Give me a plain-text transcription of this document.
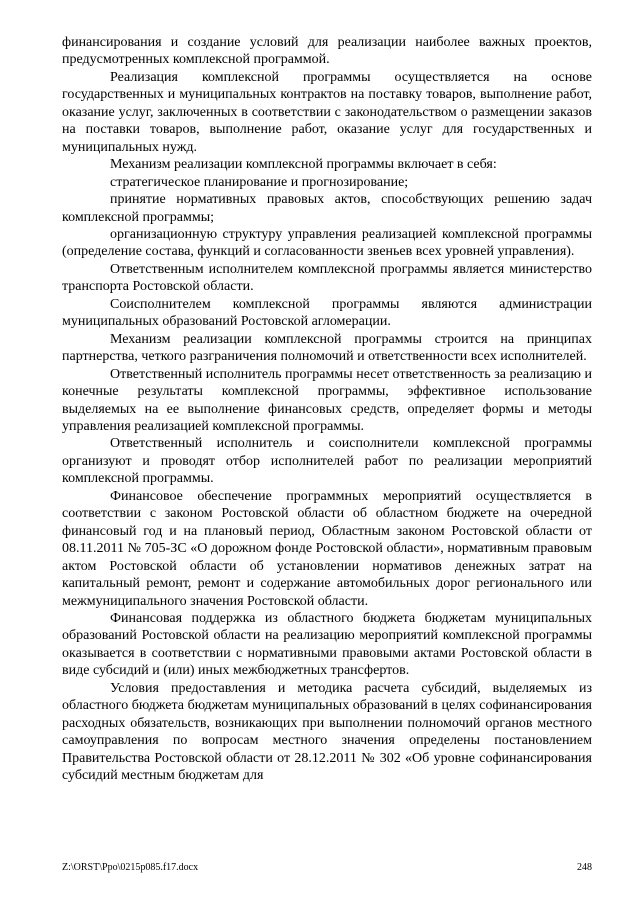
финансирования и создание условий для реализации наиболее важных проектов, предусмотренных комплексной программой.

Реализация комплексной программы осуществляется на основе государственных и муниципальных контрактов на поставку товаров, выполнение работ, оказание услуг, заключенных в соответствии с законодательством о размещении заказов на поставки товаров, выполнение работ, оказание услуг для государственных и муниципальных нужд.

Механизм реализации комплексной программы включает в себя:

стратегическое планирование и прогнозирование;

принятие нормативных правовых актов, способствующих решению задач комплексной программы;

организационную структуру управления реализацией комплексной программы (определение состава, функций и согласованности звеньев всех уровней управления).

Ответственным исполнителем комплексной программы является министерство транспорта Ростовской области.

Соисполнителем комплексной программы являются администрации муниципальных образований Ростовской агломерации.

Механизм реализации комплексной программы строится на принципах партнерства, четкого разграничения полномочий и ответственности всех исполнителей.

Ответственный исполнитель программы несет ответственность за реализацию и конечные результаты комплексной программы, эффективное использование выделяемых на ее выполнение финансовых средств, определяет формы и методы управления реализацией комплексной программы.

Ответственный исполнитель и соисполнители комплексной программы организуют и проводят отбор исполнителей работ по реализации мероприятий комплексной программы.

Финансовое обеспечение программных мероприятий осуществляется в соответствии с законом Ростовской области об областном бюджете на очередной финансовый год и на плановый период, Областным законом Ростовской области от 08.11.2011 № 705-ЗС «О дорожном фонде Ростовской области», нормативным правовым актом Ростовской области об установлении нормативов денежных затрат на капитальный ремонт, ремонт и содержание автомобильных дорог регионального или межмуниципального значения Ростовской области.

Финансовая поддержка из областного бюджета бюджетам муниципальных образований Ростовской области на реализацию мероприятий комплексной программы оказывается в соответствии с нормативными правовыми актами Ростовской области в виде субсидий и (или) иных межбюджетных трансфертов.

Условия предоставления и методика расчета субсидий, выделяемых из областного бюджета бюджетам муниципальных образований в целях софинансирования расходных обязательств, возникающих при выполнении полномочий органов местного самоуправления по вопросам местного значения определены постановлением Правительства Ростовской области от 28.12.2011 № 302 «Об уровне софинансирования субсидий местным бюджетам для

Z:\ORST\Ppo\0215p085.f17.docx	248
